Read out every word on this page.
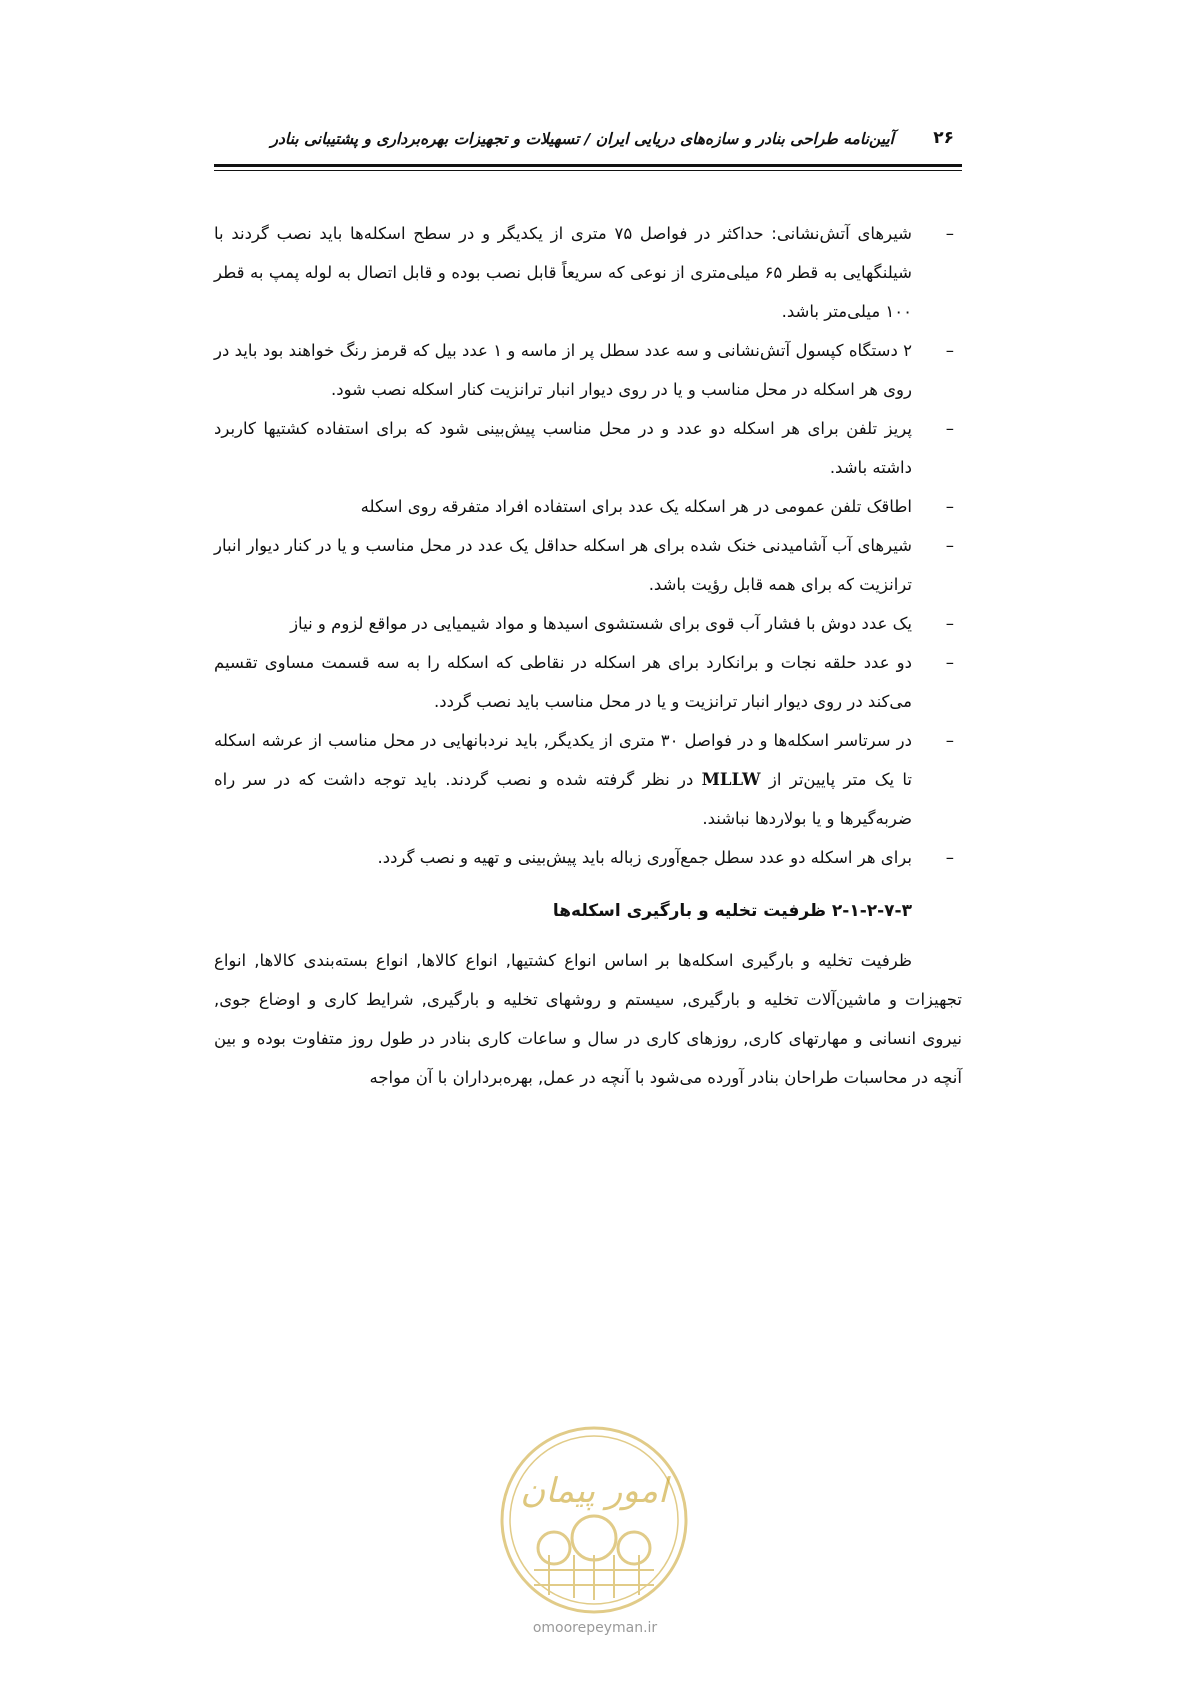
۲۶
آیین‌نامه طراحی بنادر و سازه‌های دریایی ایران / تسهیلات و تجهیزات بهره‌برداری و پشتیبانی بنادر
–
شیرهای آتش‌نشانی: حداکثر در فواصل ۷۵ متری از یکدیگر و در سطح اسکله‌ها باید نصب گردند با شیلنگهایی به قطر ۶۵ میلی‌متری از نوعی که سریعاً قابل نصب بوده و قابل اتصال به لوله پمپ به قطر ۱۰۰ میلی‌متر باشد.
–
۲ دستگاه کپسول آتش‌نشانی و سه عدد سطل پر از ماسه و ۱ عدد بیل که قرمز رنگ خواهند بود باید در روی هر اسکله در محل مناسب و یا در روی دیوار انبار ترانزیت کنار اسکله نصب شود.
–
پریز تلفن برای هر اسکله دو عدد و در محل مناسب پیش‌بینی شود که برای استفاده کشتیها کاربرد داشته باشد.
–
اطاقک تلفن عمومی در هر اسکله یک عدد برای استفاده افراد متفرقه روی اسکله
–
شیرهای آب آشامیدنی خنک شده برای هر اسکله حداقل یک عدد در محل مناسب و یا در کنار دیوار انبار ترانزیت که برای همه قابل رؤیت باشد.
–
یک عدد دوش با فشار آب قوی برای شستشوی اسیدها و مواد شیمیایی در مواقع لزوم و نیاز
–
دو عدد حلقه نجات و برانکارد برای هر اسکله در نقاطی که اسکله را به سه قسمت مساوی تقسیم می‌کند در روی دیوار انبار ترانزیت و یا در محل مناسب باید نصب گردد.
–
در سرتاسر اسکله‌ها و در فواصل ۳۰ متری از یکدیگر, باید نردبانهایی در محل مناسب از عرشه اسکله تا یک متر پایین‌تر از MLLW در نظر گرفته شده و نصب گردند. باید توجه داشت که در سر راه ضربه‌گیرها و یا بولاردها نباشند.
–
برای هر اسکله دو عدد سطل جمع‌آوری زباله باید پیش‌بینی و تهیه و نصب گردد.
۲-۱-۲-۷-۳ ظرفیت تخلیه و بارگیری اسکله‌ها

ظرفیت تخلیه و بارگیری اسکله‌ها بر اساس انواع کشتیها, انواع کالاها, انواع بسته‌بندی کالاها, انواع تجهیزات و ماشین‌آلات تخلیه و بارگیری, سیستم و روشهای تخلیه و بارگیری, شرایط کاری و اوضاع جوی, نیروی انسانی و مهارتهای کاری, روزهای کاری در سال و ساعات کاری بنادر در طول روز متفاوت بوده و بین آنچه در محاسبات طراحان بنادر آورده می‌شود با آنچه در عمل, بهره‌برداران با آن مواجه

امور پیمان
omoorepeyman.ir
